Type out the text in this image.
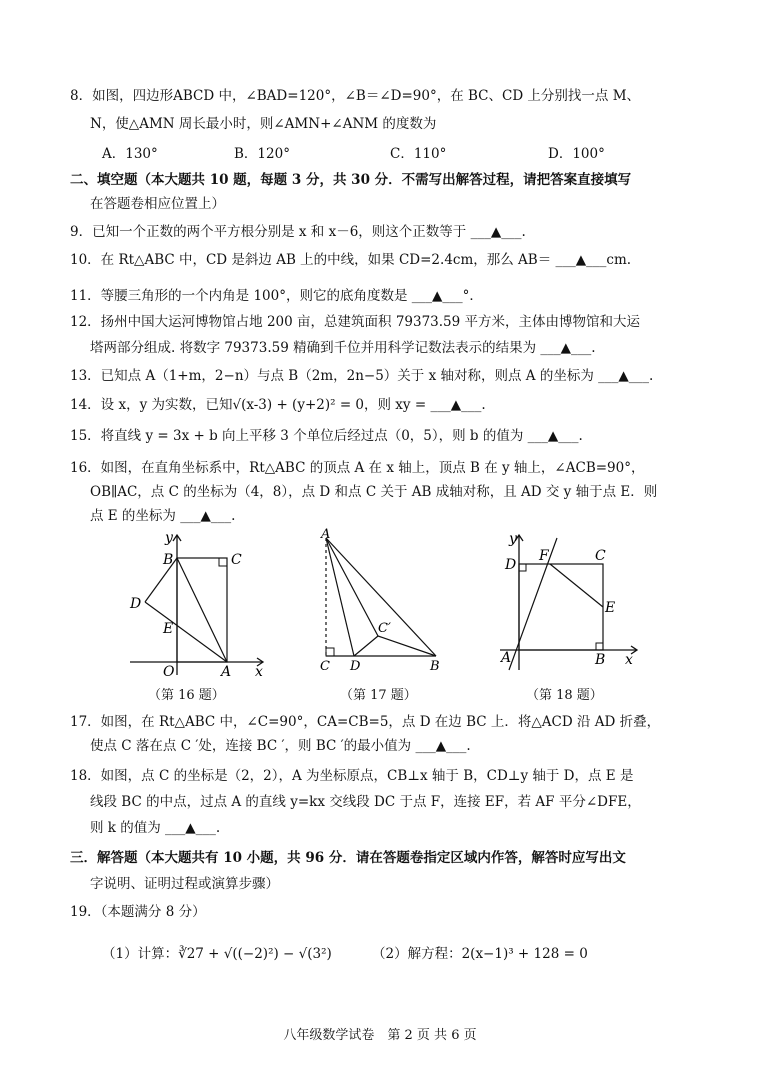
8．如图，四边形ABCD 中，∠BAD=120°，∠B＝∠D=90°，在 BC、CD 上分别找一点 M、
N，使△AMN 周长最小时，则∠AMN+∠ANM 的度数为
A．130°	B．120°	C．110°	D．100°
二、填空题（本大题共 10 题，每题 3 分，共 30 分．不需写出解答过程，请把答案直接填写
在答题卷相应位置上）
9．已知一个正数的两个平方根分别是 x 和 x－6，则这个正数等于 ___▲___.
10．在 Rt△ABC 中，CD 是斜边 AB 上的中线，如果 CD=2.4cm，那么 AB＝ ___▲___cm.
11．等腰三角形的一个内角是 100°，则它的底角度数是 ___▲___°．
12．扬州中国大运河博物馆占地 200 亩，总建筑面积 79373.59 平方米，主体由博物馆和大运
塔两部分组成. 将数字 79373.59 精确到千位并用科学记数法表示的结果为 ___▲___.
13．已知点 A（1+m，2−n）与点 B（2m，2n−5）关于 x 轴对称，则点 A 的坐标为 ___▲___.
14．设 x，y 为实数，已知√(x-3) + (y+2)² = 0，则 xy = ___▲___.
15．将直线 y = 3x + b 向上平移 3 个单位后经过点（0，5），则 b 的值为 ___▲___.
16．如图，在直角坐标系中，Rt△ABC 的顶点 A 在 x 轴上，顶点 B 在 y 轴上，∠ACB=90°，
OB∥AC，点 C 的坐标为（4，8），点 D 和点 C 关于 AB 成轴对称，且 AD 交 y 轴于点 E．则
点 E 的坐标为 ___▲___.
y
B	C
D
E
O	A x
（第 16 题）
A
C′
C D	B
（第 17 题）
y
D
F	C
E
A	B x
（第 18 题）
17．如图，在 Rt△ABC 中，∠C=90°，CA=CB=5，点 D 在边 BC 上．将△ACD 沿 AD 折叠，
使点 C 落在点 C ′处，连接 BC ′，则 BC ′的最小值为 ___▲___.
18．如图，点 C 的坐标是（2，2），A 为坐标原点，CB⊥x 轴于 B，CD⊥y 轴于 D，点 E 是
线段 BC 的中点，过点 A 的直线 y=kx 交线段 DC 于点 F，连接 EF，若 AF 平分∠DFE，
则 k 的值为 ___▲___.
三．解答题（本大题共有 10 小题，共 96 分．请在答题卷指定区域内作答，解答时应写出文
字说明、证明过程或演算步骤）
19．（本题满分 8 分）
（1）计算：∛27 + √((−2)²) − √(3²)	（2）解方程：2(x−1)³ + 128 = 0
八年级数学试卷　第 2 页 共 6 页
